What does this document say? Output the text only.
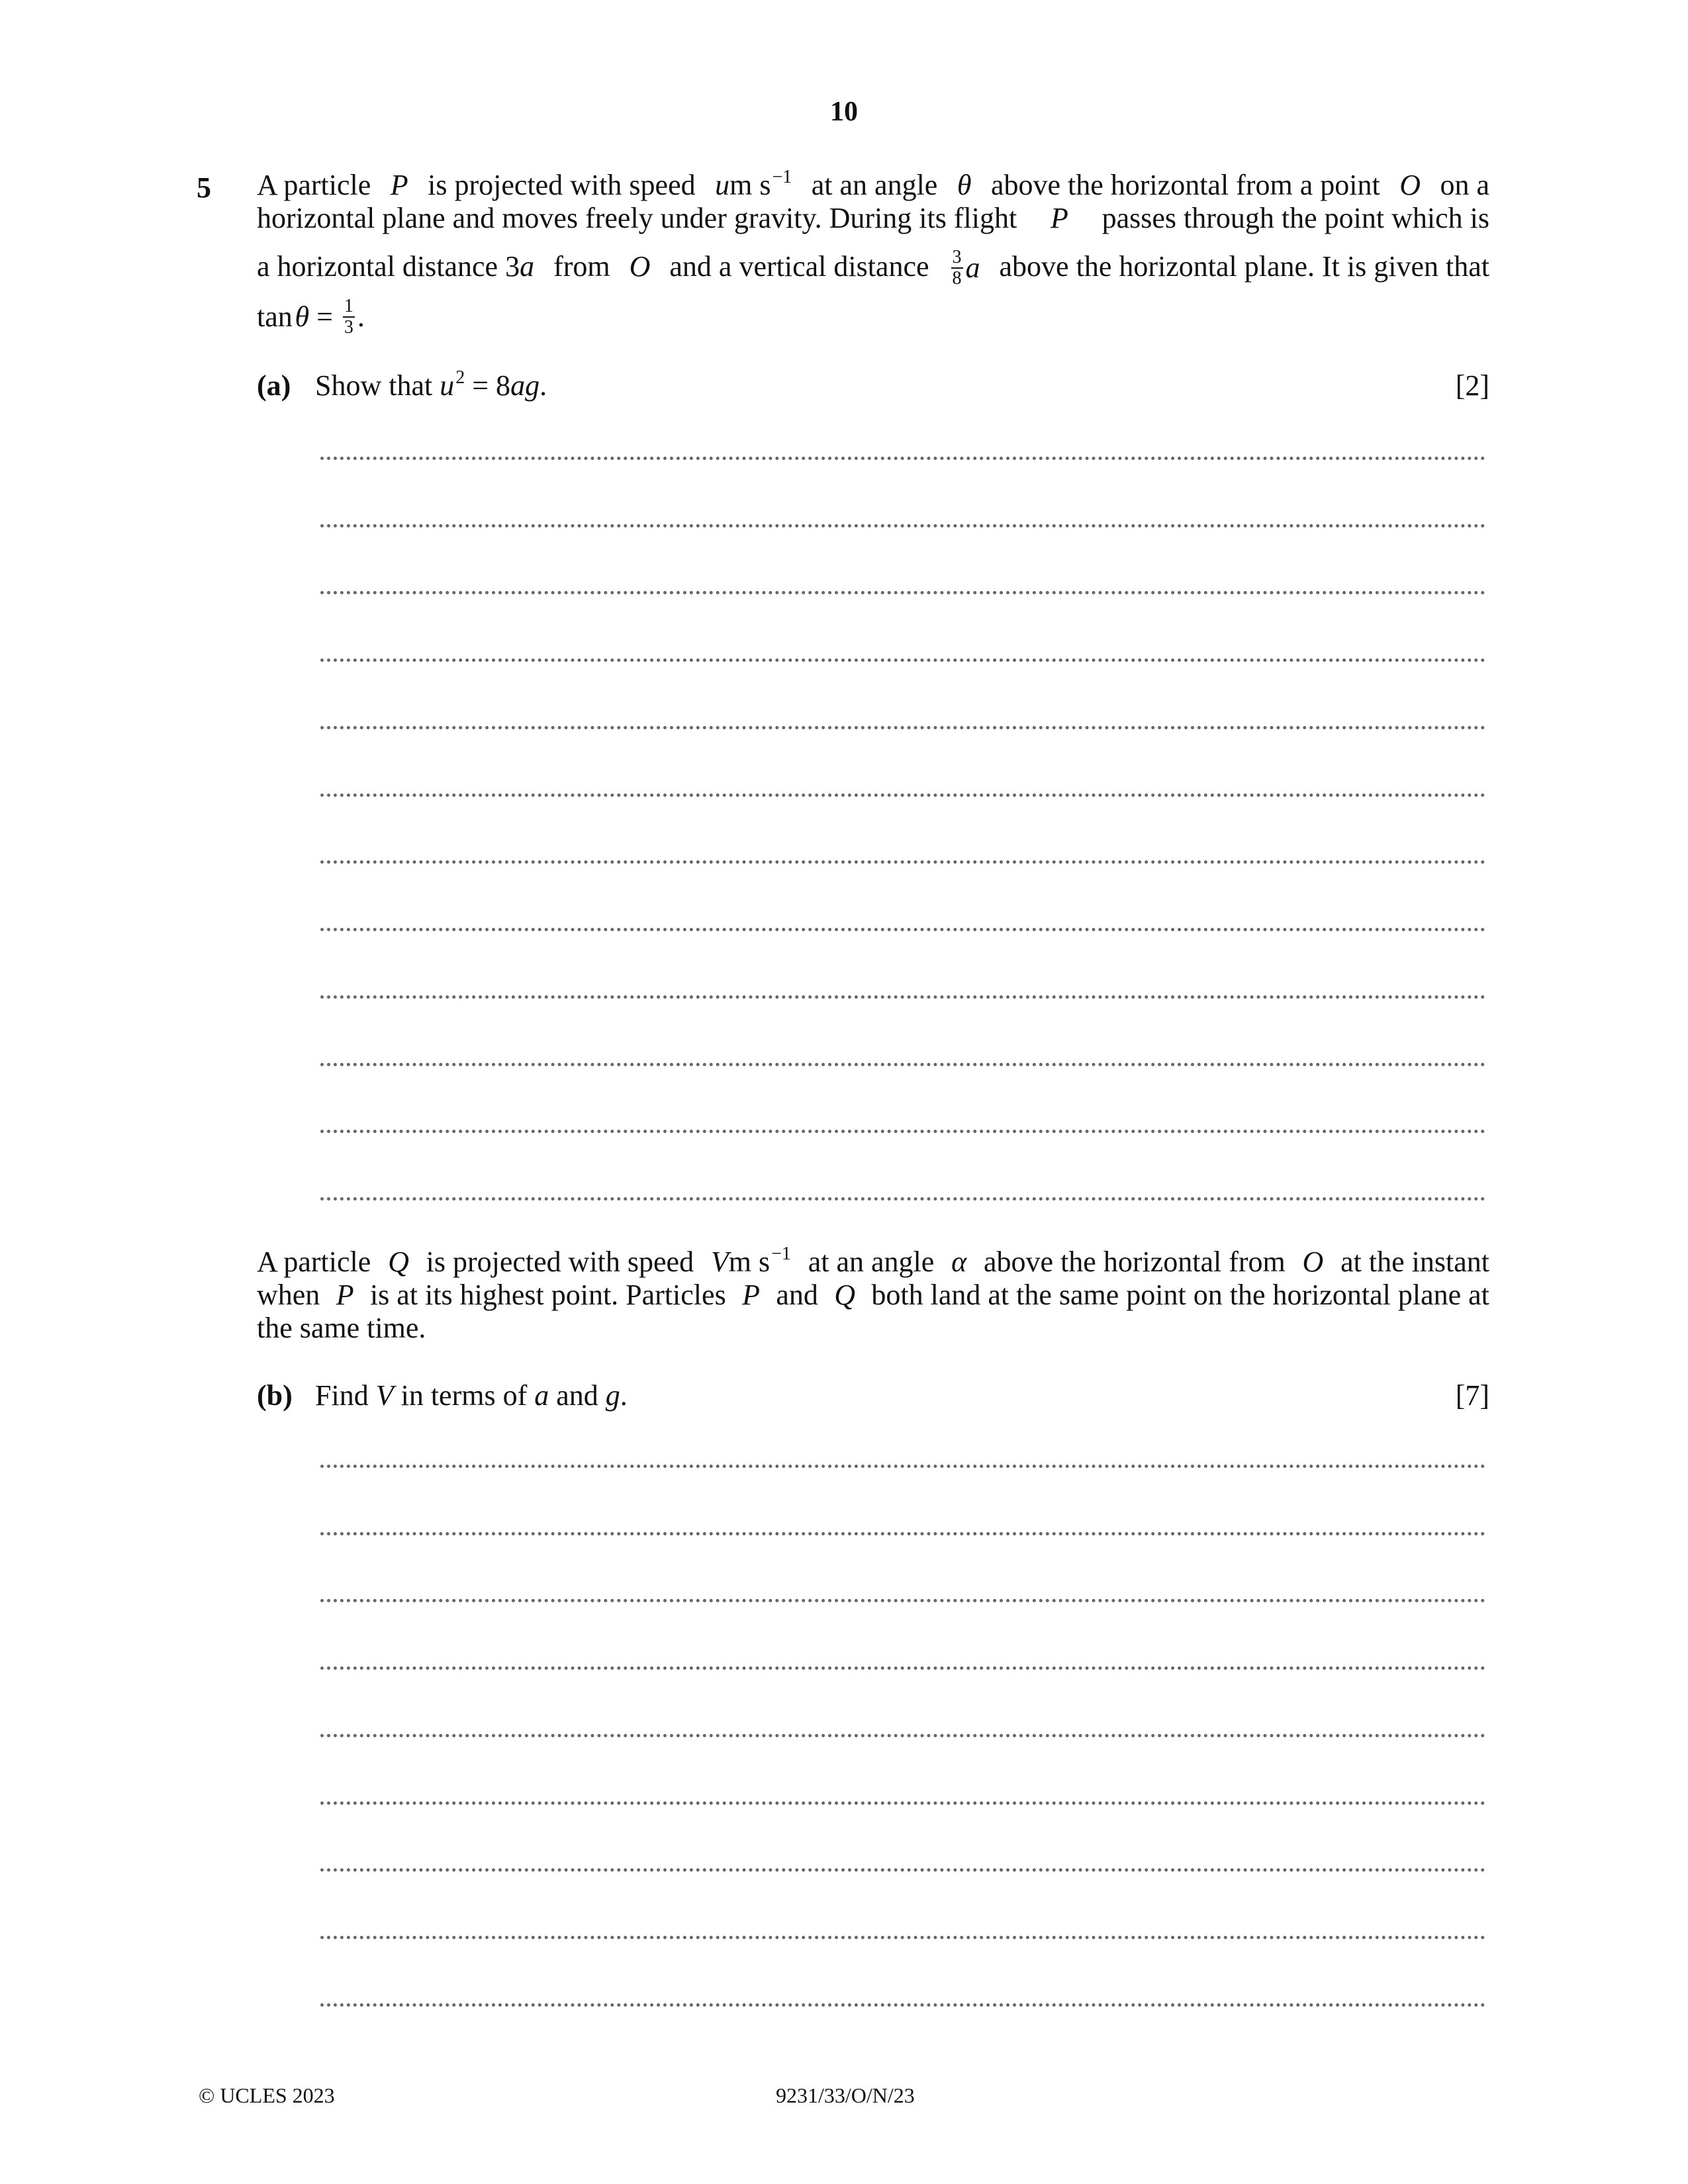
10
5 A particle P is projected with speed um $s^{-1}$ at an angle θ above the horizontal from a point O on a
horizontal plane and moves freely under gravity. During its flight P passes through the point which is
a horizontal distance 3a from O and a vertical distance $\frac{3}{8}$ a above the horizontal plane. It is given that
tan $\theta = \frac{1}{3}$ .
(a) Show that $u^2 = 8ag$.	[2]
A particle Q is projected with speed Vm $s^{-1}$ at an angle α above the horizontal from O at the instant
when P is at its highest point. Particles P and Q both land at the same point on the horizontal plane at
the same time.
(b) Find V in terms of a and g.	[7]
© UCLES 2023	9231/33/O/N/23
